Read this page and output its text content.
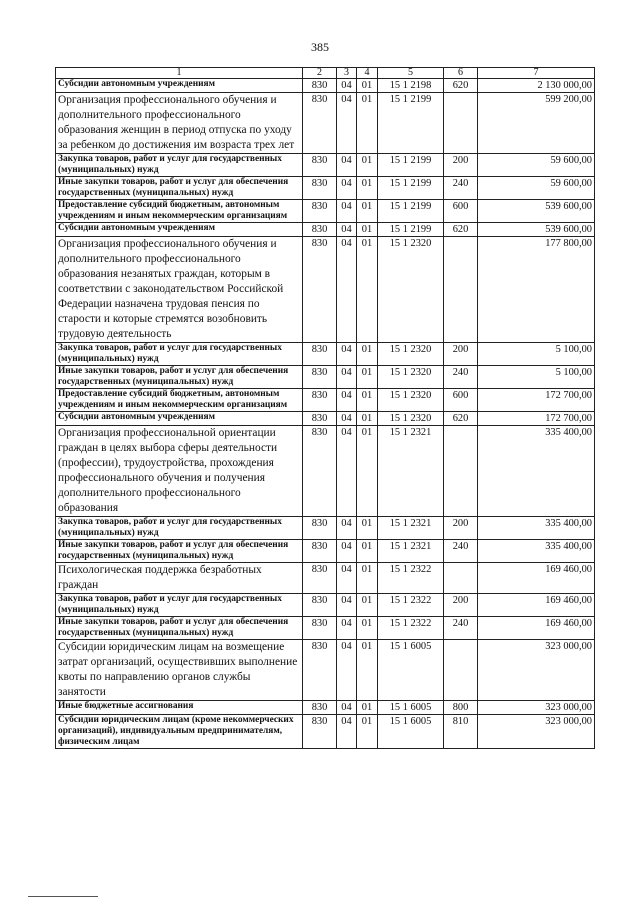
385
1	2	3	4	5	6	7
Субсидии автономным учреждениям	830	04	01	15 1 2198	620	2 130 000,00
Организация профессионального обучения и дополнительного профессионального образования женщин в период отпуска по уходу за ребенком до достижения им возраста трех лет	830	04	01	15 1 2199		599 200,00
Закупка товаров, работ и услуг для государственных (муниципальных) нужд	830	04	01	15 1 2199	200	59 600,00
Иные закупки товаров, работ и услуг для обеспечения государственных (муниципальных) нужд	830	04	01	15 1 2199	240	59 600,00
Предоставление субсидий бюджетным, автономным учреждениям и иным некоммерческим организациям	830	04	01	15 1 2199	600	539 600,00
Субсидии автономным учреждениям	830	04	01	15 1 2199	620	539 600,00
Организация профессионального обучения и дополнительного профессионального образования незанятых граждан, которым в соответствии с законодательством Российской Федерации назначена трудовая пенсия по старости и которые стремятся возобновить трудовую деятельность	830	04	01	15 1 2320		177 800,00
Закупка товаров, работ и услуг для государственных (муниципальных) нужд	830	04	01	15 1 2320	200	5 100,00
Иные закупки товаров, работ и услуг для обеспечения государственных (муниципальных) нужд	830	04	01	15 1 2320	240	5 100,00
Предоставление субсидий бюджетным, автономным учреждениям и иным некоммерческим организациям	830	04	01	15 1 2320	600	172 700,00
Субсидии автономным учреждениям	830	04	01	15 1 2320	620	172 700,00
Организация профессиональной ориентации граждан в целях выбора сферы деятельности (профессии), трудоустройства, прохождения профессионального обучения и получения дополнительного профессионального образования	830	04	01	15 1 2321		335 400,00
Закупка товаров, работ и услуг для государственных (муниципальных) нужд	830	04	01	15 1 2321	200	335 400,00
Иные закупки товаров, работ и услуг для обеспечения государственных (муниципальных) нужд	830	04	01	15 1 2321	240	335 400,00
Психологическая поддержка безработных граждан	830	04	01	15 1 2322		169 460,00
Закупка товаров, работ и услуг для государственных (муниципальных) нужд	830	04	01	15 1 2322	200	169 460,00
Иные закупки товаров, работ и услуг для обеспечения государственных (муниципальных) нужд	830	04	01	15 1 2322	240	169 460,00
Субсидии юридическим лицам на возмещение затрат организаций, осуществивших выполнение квоты по направлению органов службы занятости	830	04	01	15 1 6005		323 000,00
Иные бюджетные ассигнования	830	04	01	15 1 6005	800	323 000,00
Субсидии юридическим лицам (кроме некоммерческих организаций), индивидуальным предпринимателям, физическим лицам	830	04	01	15 1 6005	810	323 000,00
